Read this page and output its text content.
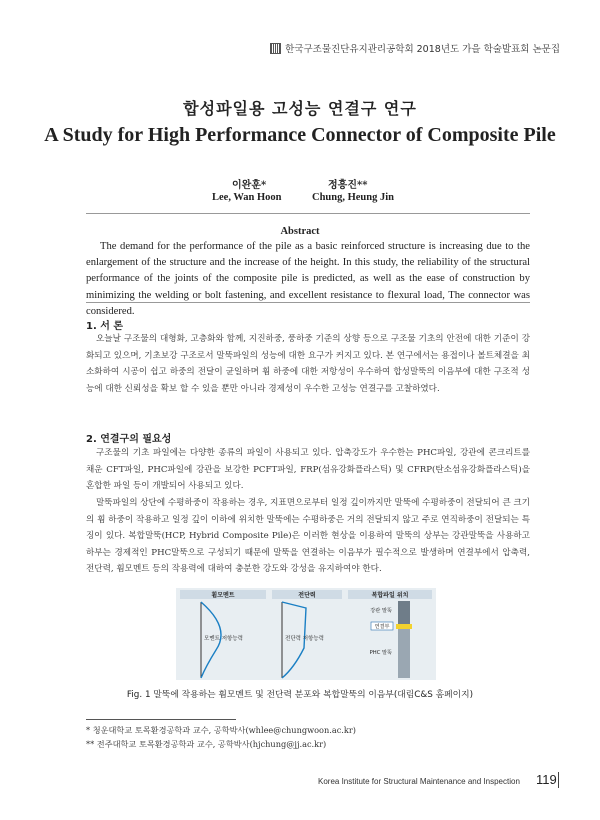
한국구조물진단유지관리공학회 2018년도 가을 학술발표회 논문집
합성파일용 고성능 연결구 연구
A Study for High Performance Connector of Composite Pile
이완훈*	정흥진**
Lee, Wan Hoon	Chung, Heung Jin
Abstract
The demand for the performance of the pile as a basic reinforced structure is increasing due to the enlargement of the structure and the increase of the height. In this study, the reliability of the structural performance of the joints of the composite pile is predicted, as well as the ease of construction by minimizing the welding or bolt fastening, and excellent resistance to flexural load, The connector was considered.
1. 서 론
오늘날 구조물의 대형화, 고층화와 함께, 지진하중, 풍하중 기준의 상향 등으로 구조물 기초의 안전에 대한 기준이 강화되고 있으며, 기초보강 구조로서 말뚝파일의 성능에 대한 요구가 커지고 있다. 본 연구에서는 용접이나 볼트체결을 최소화하여 시공이 쉽고 하중의 전달이 균일하며 휨 하중에 대한 저항성이 우수하여 합성말뚝의 이음부에 대한 구조적 성능에 대한 신뢰성을 확보 할 수 있을 뿐만 아니라 경제성이 우수한 고성능 연결구를 고찰하였다.
2. 연결구의 필요성
구조물의 기초 파일에는 다양한 종류의 파일이 사용되고 있다. 압축강도가 우수한는 PHC파일, 강관에 콘크리트를 채운 CFT파일, PHC파일에 강관을 보강한 PCFT파일, FRP(섬유강화플라스틱) 및 CFRP(탄소섬유강화플라스틱)을 혼합한 파일 등이 개발되어 사용되고 있다.
말뚝파일의 상단에 수평하중이 작용하는 경우, 지표면으로부터 일정 깊이까지만 말뚝에 수평하중이 전달되어 큰 크기의 휨 하중이 작용하고 일정 깊이 이하에 위치한 말뚝에는 수평하중은 거의 전달되지 않고 주로 연직하중이 전달되는 특징이 있다. 복합말뚝(HCP, Hybrid Composite Pile)은 이러한 현상을 이용하여 말뚝의 상부는 강관말뚝을 사용하고 하부는 경제적인 PHC말뚝으로 구성되기 때문에 말뚝을 연결하는 이음부가 필수적으로 발생하며 연결부에서 압축력, 전단력, 휨모멘트 등의 작용력에 대하여 충분한 강도와 강성을 유지하여야 한다.
휨모멘트
모멘트 저항능력
전단력
전단력 저항능력
복합파일 위치
강관 말뚝
연결부
PHC 말뚝
Fig. 1 말뚝에 작용하는 휨모멘트 및 전단력 분포와 복합말뚝의 이음부(대림C&S 홈페이지)
* 청운대학교 토목환경공학과 교수, 공학박사(whlee@chungwoon.ac.kr)
** 전주대학교 토목환경공학과 교수, 공학박사(hjchung@jj.ac.kr)
Korea Institute for Structural Maintenance and Inspection 119
